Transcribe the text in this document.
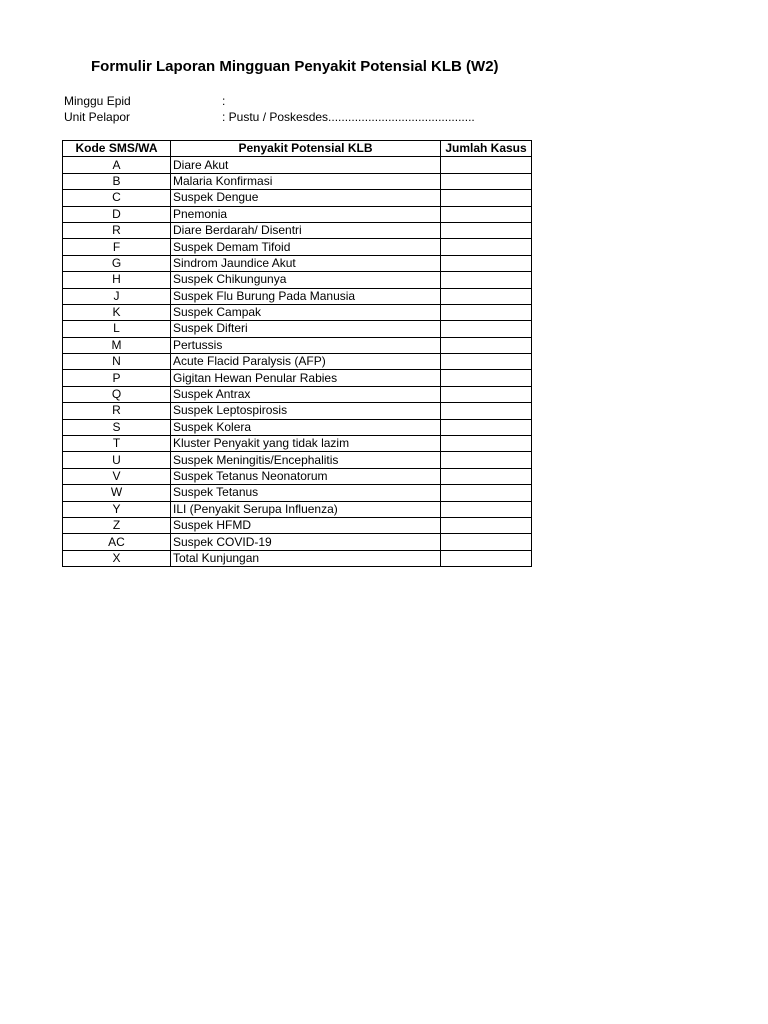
Formulir Laporan Mingguan Penyakit Potensial KLB (W2)
Minggu Epid	:
Unit Pelapor	: Pustu / Poskesdes............................................
Kode SMS/WA	Penyakit Potensial KLB	Jumlah Kasus
A	Diare Akut	
B	Malaria Konfirmasi	
C	Suspek Dengue	
D	Pnemonia	
R	Diare Berdarah/ Disentri	
F	Suspek Demam Tifoid	
G	Sindrom Jaundice Akut	
H	Suspek Chikungunya	
J	Suspek Flu Burung Pada Manusia	
K	Suspek Campak	
L	Suspek Difteri	
M	Pertussis	
N	Acute Flacid Paralysis (AFP)	
P	Gigitan Hewan Penular Rabies	
Q	Suspek Antrax	
R	Suspek Leptospirosis	
S	Suspek Kolera	
T	Kluster Penyakit yang tidak lazim	
U	Suspek Meningitis/Encephalitis	
V	Suspek Tetanus Neonatorum	
W	Suspek Tetanus	
Y	ILI (Penyakit Serupa Influenza)	
Z	Suspek HFMD	
AC	Suspek COVID-19	
X	Total Kunjungan	
